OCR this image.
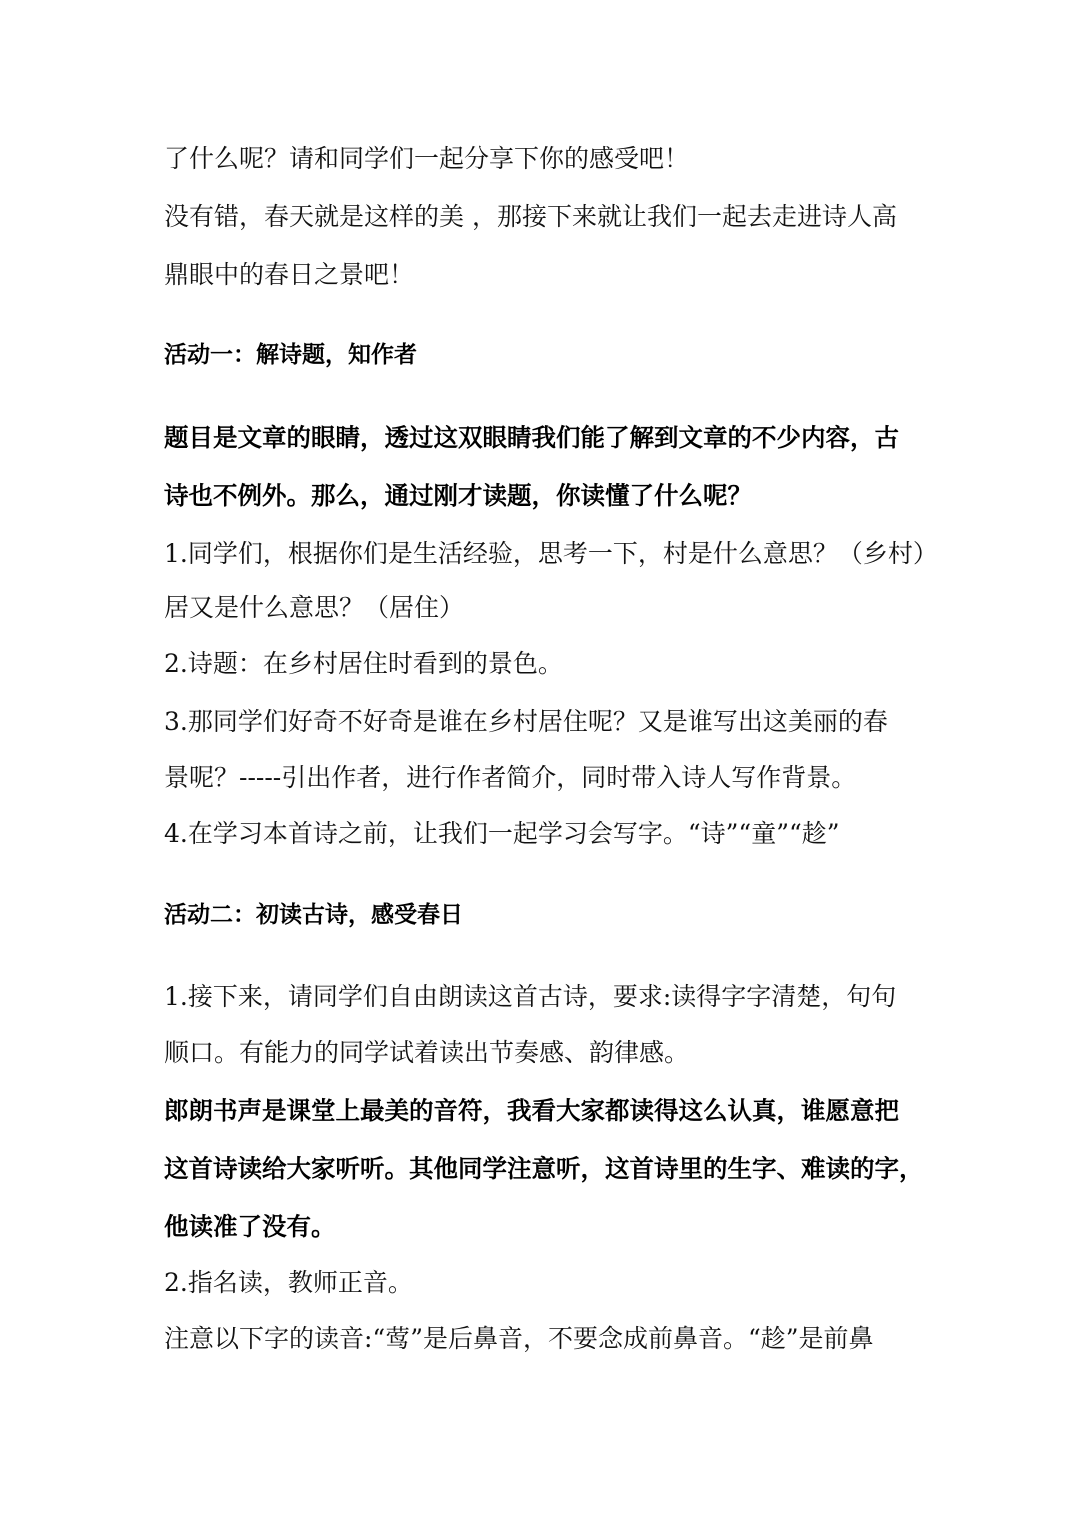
了什么呢？请和同学们一起分享下你的感受吧！

没有错，春天就是这样的美 ，那接下来就让我们一起去走进诗人高

鼎眼中的春日之景吧！

活动一：解诗题，知作者

题目是文章的眼睛，透过这双眼睛我们能了解到文章的不少内容，古

诗也不例外。那么，通过刚才读题，你读懂了什么呢？

1.同学们，根据你们是生活经验，思考一下，村是什么意思？（乡村）

居又是什么意思？（居住）

2.诗题：在乡村居住时看到的景色。

3.那同学们好奇不好奇是谁在乡村居住呢？又是谁写出这美丽的春

景呢？-----引出作者，进行作者简介，同时带入诗人写作背景。

4.在学习本首诗之前，让我们一起学习会写字。“诗”“童”“趁”

活动二：初读古诗，感受春日

1.接下来，请同学们自由朗读这首古诗，要求:读得字字清楚，句句

顺口。有能力的同学试着读出节奏感、韵律感。

郎朗书声是课堂上最美的音符，我看大家都读得这么认真，谁愿意把

这首诗读给大家听听。其他同学注意听，这首诗里的生字、难读的字，

他读准了没有。

2.指名读，教师正音。

注意以下字的读音:“莺”是后鼻音，不要念成前鼻音。“趁”是前鼻
